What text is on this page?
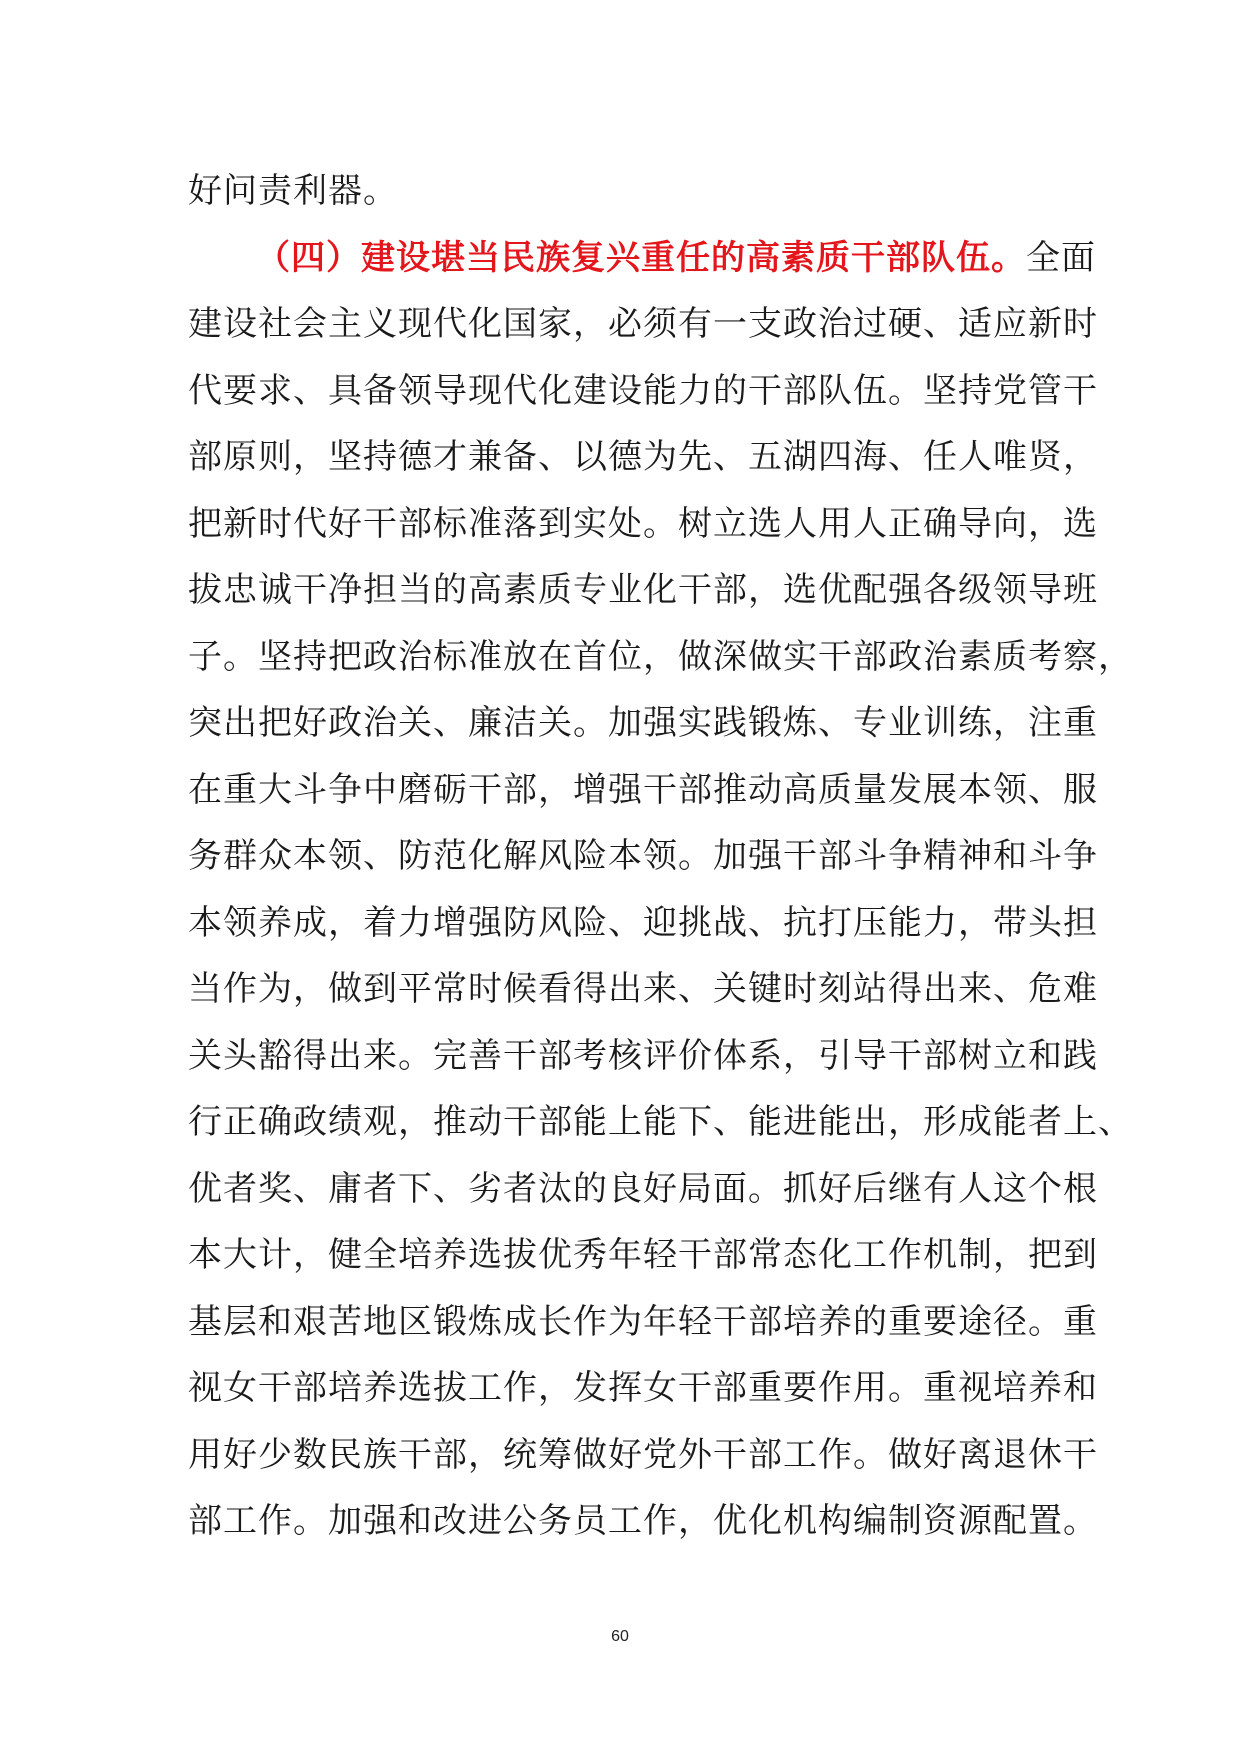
好问责利器。
（四）建设堪当民族复兴重任的高素质干部队伍。全面
建设社会主义现代化国家，必须有一支政治过硬、适应新时
代要求、具备领导现代化建设能力的干部队伍。坚持党管干
部原则，坚持德才兼备、以德为先、五湖四海、任人唯贤，
把新时代好干部标准落到实处。树立选人用人正确导向，选
拔忠诚干净担当的高素质专业化干部，选优配强各级领导班
子。坚持把政治标准放在首位，做深做实干部政治素质考察，
突出把好政治关、廉洁关。加强实践锻炼、专业训练，注重
在重大斗争中磨砺干部，增强干部推动高质量发展本领、服
务群众本领、防范化解风险本领。加强干部斗争精神和斗争
本领养成，着力增强防风险、迎挑战、抗打压能力，带头担
当作为，做到平常时候看得出来、关键时刻站得出来、危难
关头豁得出来。完善干部考核评价体系，引导干部树立和践
行正确政绩观，推动干部能上能下、能进能出，形成能者上、
优者奖、庸者下、劣者汰的良好局面。抓好后继有人这个根
本大计，健全培养选拔优秀年轻干部常态化工作机制，把到
基层和艰苦地区锻炼成长作为年轻干部培养的重要途径。重
视女干部培养选拔工作，发挥女干部重要作用。重视培养和
用好少数民族干部，统筹做好党外干部工作。做好离退休干
部工作。加强和改进公务员工作，优化机构编制资源配置。
60
